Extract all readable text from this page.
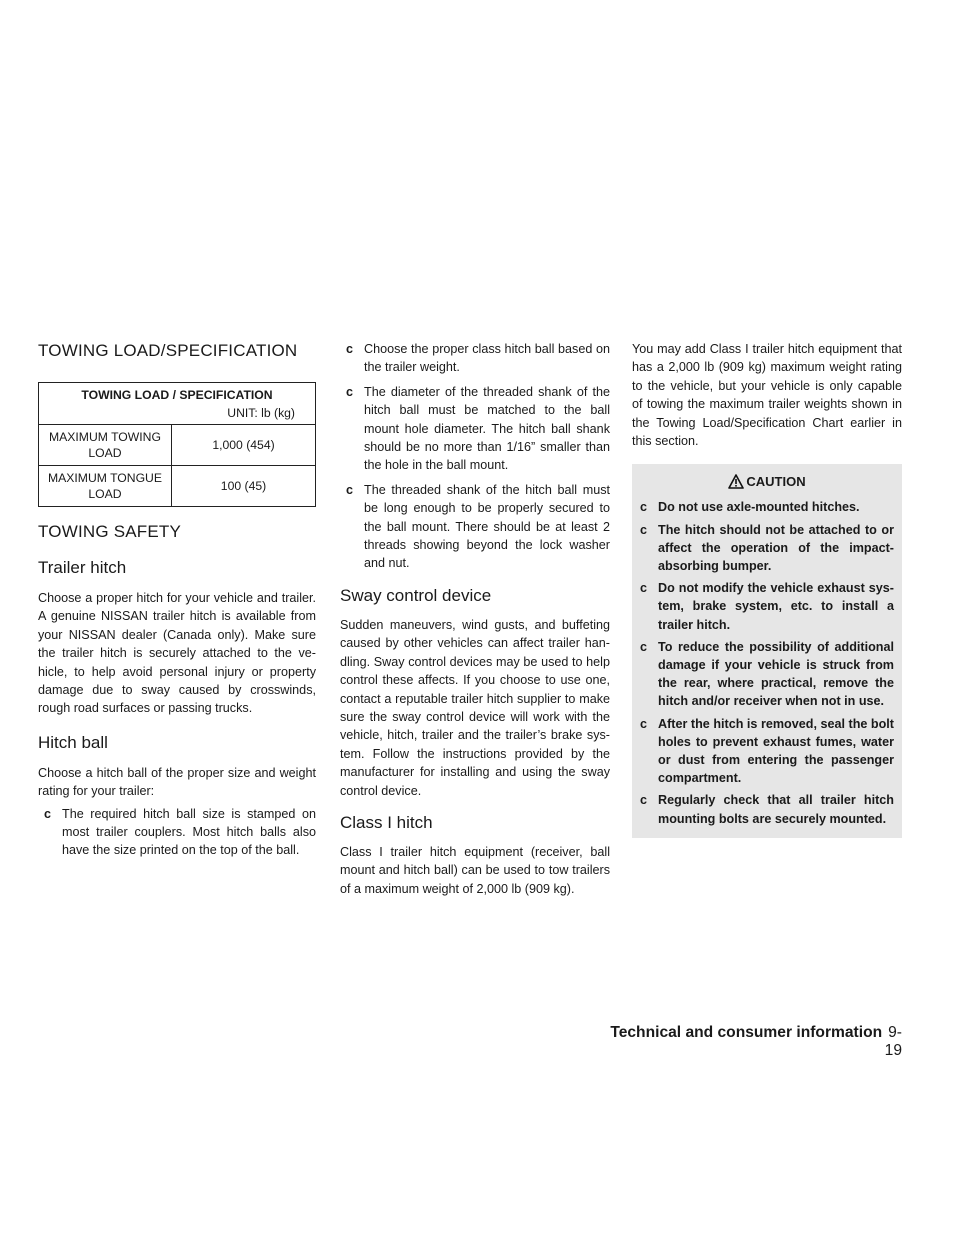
TOWING LOAD/SPECIFICATION
TOWING LOAD / SPECIFICATION	
UNIT: lb (kg)	

MAXIMUM TOWING
LOAD	1,000 (454)

MAXIMUM TONGUE
LOAD	100 (45)
TOWING SAFETY
Trailer hitch

Choose a proper hitch for your vehicle and trailer. A genuine NISSAN trailer hitch is available from your NISSAN dealer (Canada only). Make sure the trailer hitch is securely attached to the ve- hicle, to help avoid personal injury or property damage due to sway caused by crosswinds, rough road surfaces or passing trucks.

Hitch ball

Choose a hitch ball of the proper size and weight rating for your trailer:

c The required hitch ball size is stamped on most trailer couplers. Most hitch balls also have the size printed on the top of the ball.
c Choose the proper class hitch ball based on the trailer weight.
c The diameter of the threaded shank of the hitch ball must be matched to the ball mount hole diameter. The hitch ball shank should be no more than 1/16” smaller than the hole in the ball mount.
c The threaded shank of the hitch ball must be long enough to be properly secured to the ball mount. There should be at least 2 threads showing beyond the lock washer and nut.
Sway control device

Sudden maneuvers, wind gusts, and buffeting caused by other vehicles can affect trailer han- dling. Sway control devices may be used to help control these affects. If you choose to use one, contact a reputable trailer hitch supplier to make sure the sway control device will work with the vehicle, hitch, trailer and the trailer’s brake sys- tem. Follow the instructions provided by the manufacturer for installing and using the sway control device.

Class I hitch

Class I trailer hitch equipment (receiver, ball mount and hitch ball) can be used to tow trailers of a maximum weight of 2,000 lb (909 kg).

You may add Class I trailer hitch equipment that has a 2,000 lb (909 kg) maximum weight rating to the vehicle, but your vehicle is only capable of towing the maximum trailer weights shown in the Towing Load/Specification Chart earlier in this section.

CAUTION
c Do not use axle-mounted hitches.
c The hitch should not be attached to or affect the operation of the impact- absorbing bumper.
c Do not modify the vehicle exhaust sys- tem, brake system, etc. to install a trailer hitch.
c To reduce the possibility of additional damage if your vehicle is struck from the rear, where practical, remove the hitch and/or receiver when not in use.
c After the hitch is removed, seal the bolt holes to prevent exhaust fumes, water or dust from entering the passenger compartment.
c Regularly check that all trailer hitch mounting bolts are securely mounted.
Technical and consumer information 9-19
